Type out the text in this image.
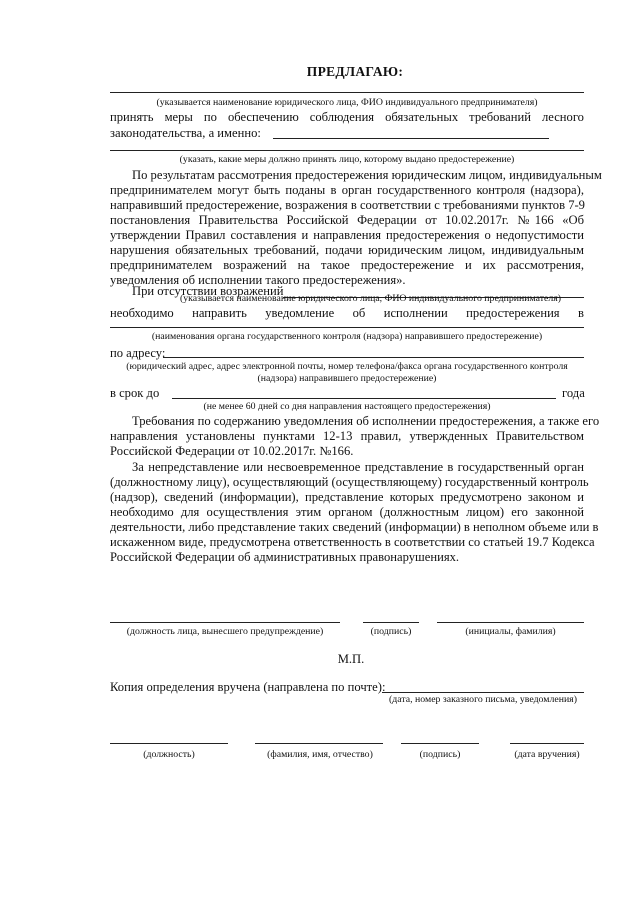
ПРЕДЛАГАЮ:
(указывается наименование юридического лица, ФИО индивидуального предпринимателя)
принять меры по обеспечению соблюдения обязательных требований лесного
законодательства, а именно:
(указать, какие меры должно принять лицо, которому выдано предостережение)
По результатам рассмотрения предостережения юридическим лицом, индивидуальным
предпринимателем могут быть поданы в орган государственного контроля (надзора),
направивший предостережение, возражения в соответствии с требованиями пунктов 7-9
постановления Правительства Российской Федерации от 10.02.2017г. №166 «Об
утверждении Правил составления и направления предостережения о недопустимости
нарушения обязательных требований, подачи юридическим лицом, индивидуальным
предпринимателем возражений на такое предостережение и их рассмотрения,
уведомления об исполнении такого предостережения».
При отсутствии возражений
(указывается наименование юридического лица, ФИО индивидуального предпринимателя)
необходимо направить уведомление об исполнении предостережения в
(наименования органа государственного контроля (надзора) направившего предостережение)
по адресу:
(юридический адрес, адрес электронной почты, номер телефона/факса органа государственного контроля
(надзора) направившего предостережение)
в срок до	года
(не менее 60 дней со дня направления настоящего предостережения)
Требования по содержанию уведомления об исполнении предостережения, а также его
направления установлены пунктами 12-13 правил, утвержденных Правительством
Российской Федерации от 10.02.2017г. №166.
За непредставление или несвоевременное представление в государственный орган
(должностному лицу), осуществляющий (осуществляющему) государственный контроль
(надзор), сведений (информации), представление которых предусмотрено законом и
необходимо для осуществления этим органом (должностным лицом) его законной
деятельности, либо представление таких сведений (информации) в неполном объеме или в
искаженном виде, предусмотрена ответственность в соответствии со статьей 19.7 Кодекса
Российской Федерации об административных правонарушениях.
(должность лица, вынесшего предупреждение)	(подпись)	(инициалы, фамилия)
М.П.
Копия определения вручена (направлена по почте):
(дата, номер заказного письма, уведомления)
(должность)	(фамилия, имя, отчество)	(подпись)	(дата вручения)
